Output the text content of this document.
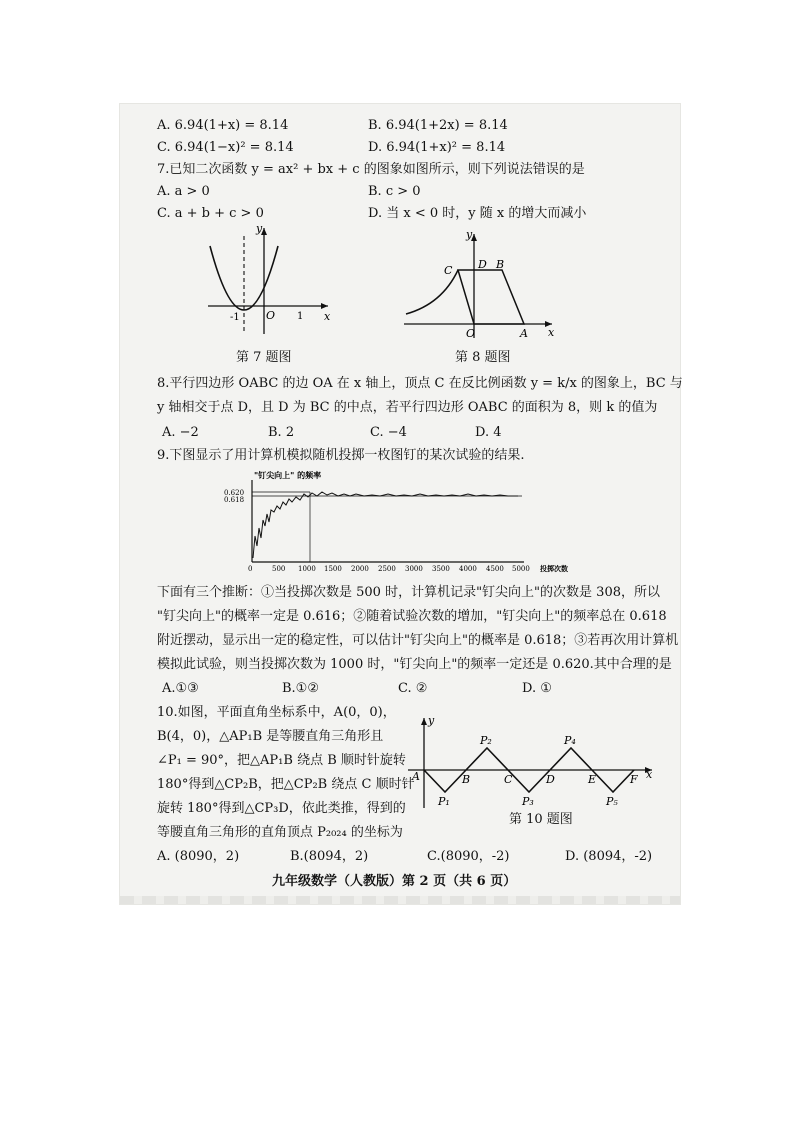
A. 6.94(1+x) = 8.14	B. 6.94(1+2x) = 8.14
C. 6.94(1−x)² = 8.14	D. 6.94(1+x)² = 8.14
7.已知二次函数 y = ax² + bx + c 的图象如图所示，则下列说法错误的是
A. a > 0	B. c > 0
C. a + b + c > 0	D. 当 x < 0 时，y 随 x 的增大而减小
y
x
O
-1	1
第 7 题图
y
C D B
O	A x
第 8 题图
8.平行四边形 OABC 的边 OA 在 x 轴上，顶点 C 在反比例函数 y = k/x 的图象上，BC 与
y 轴相交于点 D，且 D 为 BC 的中点，若平行四边形 OABC 的面积为 8，则 k 的值为
A. −2	B. 2	C. −4	D. 4
9.下图显示了用计算机模拟随机投掷一枚图钉的某次试验的结果.
"钉尖向上" 的频率
0.620
0.618
0	500 1000 1500 2000 2500 3000 3500 4000 4500 5000 投掷次数
下面有三个推断：①当投掷次数是 500 时，计算机记录"钉尖向上"的次数是 308，所以
"钉尖向上"的概率一定是 0.616；②随着试验次数的增加，"钉尖向上"的频率总在 0.618
附近摆动，显示出一定的稳定性，可以估计"钉尖向上"的概率是 0.618；③若再次用计算机
模拟此试验，则当投掷次数为 1000 时，"钉尖向上"的频率一定还是 0.620.其中合理的是
A.①③	B.①②	C. ②	D. ①
10.如图，平面直角坐标系中，A(0，0)，
B(4，0)，△AP₁B 是等腰直角三角形且
∠P₁ = 90°，把△AP₁B 绕点 B 顺时针旋转
180°得到△CP₂B，把△CP₂B 绕点 C 顺时针
旋转 180°得到△CP₃D，依此类推，得到的
等腰直角三角形的直角顶点 P₂₀₂₄ 的坐标为
y
x
A	B	C	D	E	F
P₁
P₂
P₃
P₄
P₅
第 10 题图
A. (8090，2)	B.(8094，2)	C.(8090，-2)	D. (8094，-2)
九年级数学（人教版）第 2 页（共 6 页）
